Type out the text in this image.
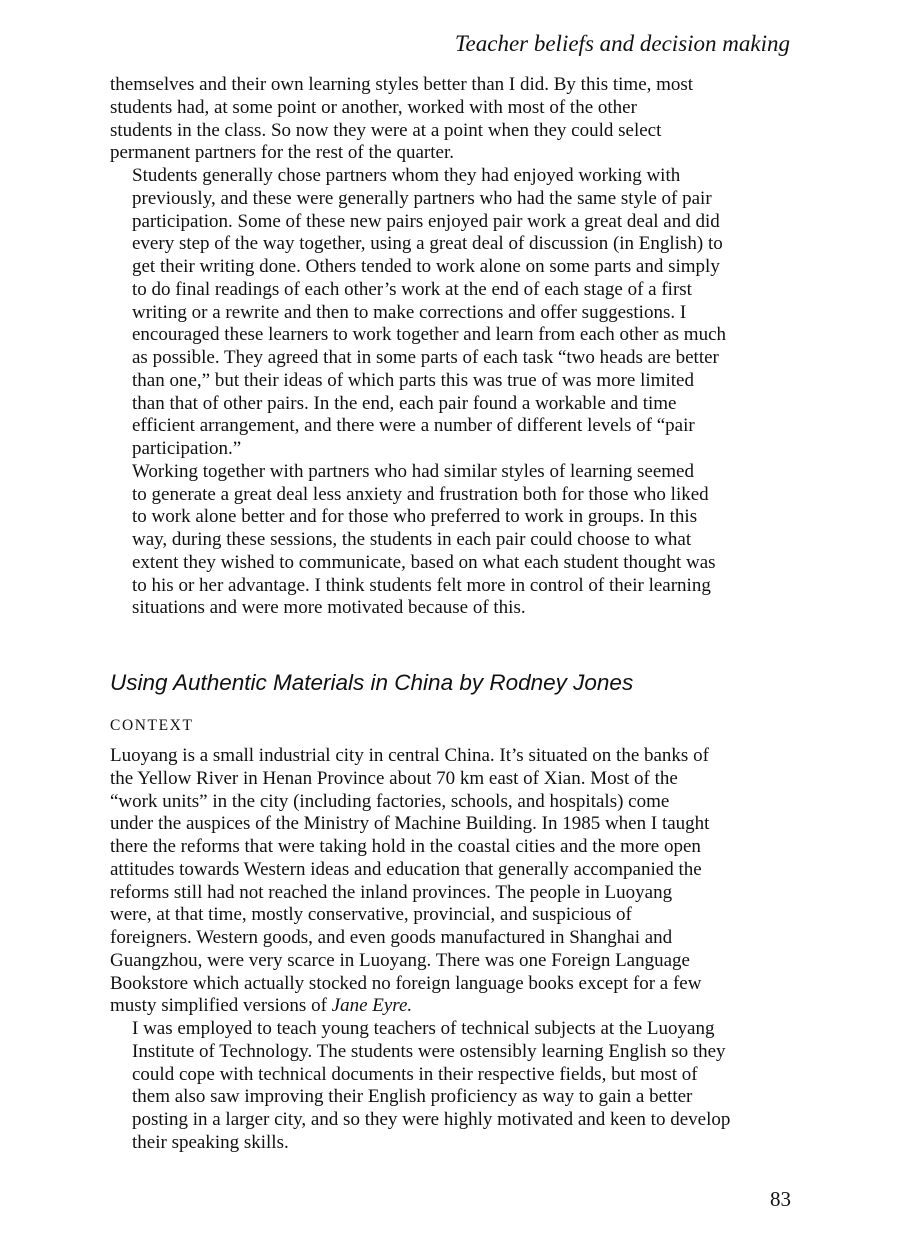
Teacher beliefs and decision making

themselves and their own learning styles better than I did. By this time, most
students had, at some point or another, worked with most of the other
students in the class. So now they were at a point when they could select
permanent partners for the rest of the quarter.

Students generally chose partners whom they had enjoyed working with
previously, and these were generally partners who had the same style of pair
participation. Some of these new pairs enjoyed pair work a great deal and did
every step of the way together, using a great deal of discussion (in English) to
get their writing done. Others tended to work alone on some parts and simply
to do final readings of each other’s work at the end of each stage of a first
writing or a rewrite and then to make corrections and offer suggestions. I
encouraged these learners to work together and learn from each other as much
as possible. They agreed that in some parts of each task “two heads are better
than one,” but their ideas of which parts this was true of was more limited
than that of other pairs. In the end, each pair found a workable and time
efficient arrangement, and there were a number of different levels of “pair
participation.”

Working together with partners who had similar styles of learning seemed
to generate a great deal less anxiety and frustration both for those who liked
to work alone better and for those who preferred to work in groups. In this
way, during these sessions, the students in each pair could choose to what
extent they wished to communicate, based on what each student thought was
to his or her advantage. I think students felt more in control of their learning
situations and were more motivated because of this.

Using Authentic Materials in China by Rodney Jones
CONTEXT

Luoyang is a small industrial city in central China. It’s situated on the banks of
the Yellow River in Henan Province about 70 km east of Xian. Most of the
“work units” in the city (including factories, schools, and hospitals) come
under the auspices of the Ministry of Machine Building. In 1985 when I taught
there the reforms that were taking hold in the coastal cities and the more open
attitudes towards Western ideas and education that generally accompanied the
reforms still had not reached the inland provinces. The people in Luoyang
were, at that time, mostly conservative, provincial, and suspicious of
foreigners. Western goods, and even goods manufactured in Shanghai and
Guangzhou, were very scarce in Luoyang. There was one Foreign Language
Bookstore which actually stocked no foreign language books except for a few
musty simplified versions of Jane Eyre.

I was employed to teach young teachers of technical subjects at the Luoyang
Institute of Technology. The students were ostensibly learning English so they
could cope with technical documents in their respective fields, but most of
them also saw improving their English proficiency as way to gain a better
posting in a larger city, and so they were highly motivated and keen to develop
their speaking skills.

83
